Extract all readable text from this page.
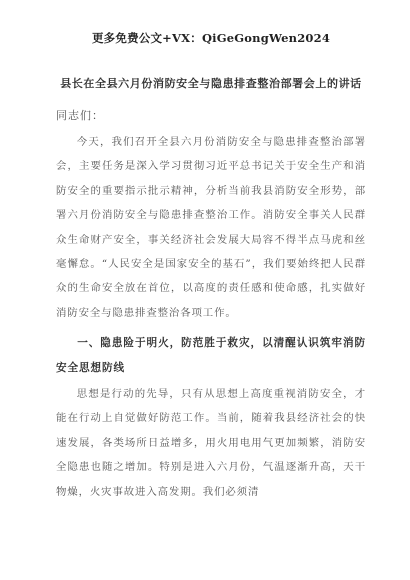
更多免费公文+VX：QiGeGongWen2024
县长在全县六月份消防安全与隐患排查整治部署会上的讲话
同志们：

今天，我们召开全县六月份消防安全与隐患排查整治部署会，主要任务是深入学习贯彻习近平总书记关于安全生产和消防安全的重要指示批示精神，分析当前我县消防安全形势，部署六月份消防安全与隐患排查整治工作。消防安全事关人民群众生命财产安全，事关经济社会发展大局容不得半点马虎和丝毫懈怠。“人民安全是国家安全的基石”，我们要始终把人民群众的生命安全放在首位，以高度的责任感和使命感，扎实做好消防安全与隐患排查整治各项工作。

一、隐患险于明火，防范胜于救灾，以清醒认识筑牢消防安全思想防线

思想是行动的先导，只有从思想上高度重视消防安全，才能在行动上自觉做好防范工作。当前，随着我县经济社会的快速发展，各类场所日益增多，用火用电用气更加频繁，消防安全隐患也随之增加。特别是进入六月份，气温逐渐升高，天干物燥，火灾事故进入高发期。我们必须清
